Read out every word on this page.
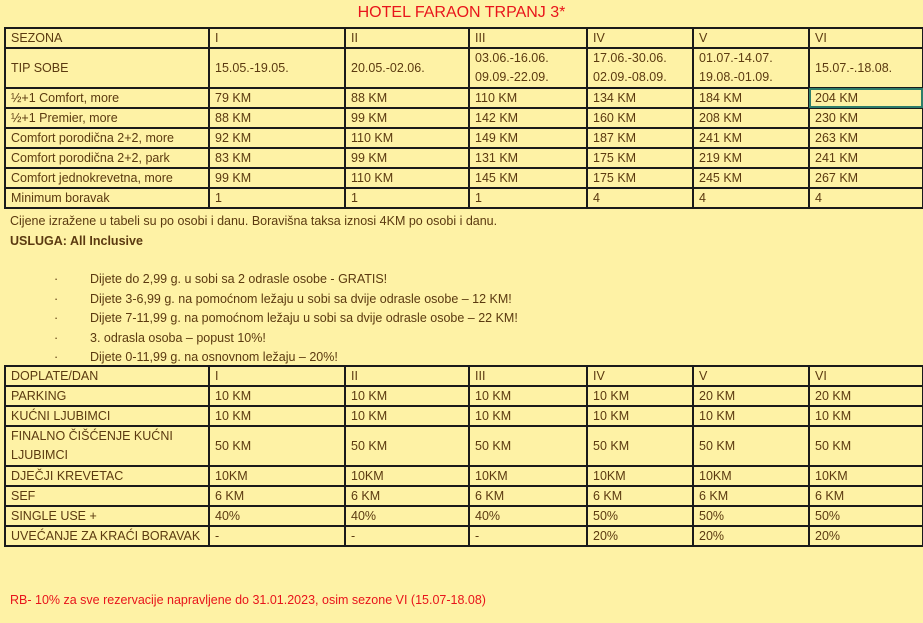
HOTEL FARAON TRPANJ 3*
SEZONA	I	II	III	IV	V	VI
TIP SOBE	15.05.-19.05.	20.05.-02.06.	03.06.-16.06. 09.09.-22.09.	17.06.-30.06. 02.09.-08.09.	01.07.-14.07. 19.08.-01.09.	15.07.-.18.08.
½+1 Comfort, more	79 KM	88 KM	110 KM	134 KM	184 KM	204 KM
½+1 Premier, more	88 KM	99 KM	142 KM	160 KM	208 KM	230 KM
Comfort porodična 2+2, more	92 KM	110 KM	149 KM	187 KM	241 KM	263 KM
Comfort porodična 2+2, park	83 KM	99 KM	131 KM	175 KM	219 KM	241 KM
Comfort jednokrevetna, more	99 KM	110 KM	145 KM	175 KM	245 KM	267 KM
Minimum boravak	1	1	1	4	4	4
Cijene izražene u tabeli su po osobi i danu. Boravišna taksa iznosi 4KM po osobi i danu.
USLUGA: All Inclusive
·	Dijete do 2,99 g. u sobi sa 2 odrasle osobe - GRATIS!
·	Dijete 3-6,99 g. na pomoćnom ležaju u sobi sa dvije odrasle osobe – 12 KM!
·	Dijete 7-11,99 g. na pomoćnom ležaju u sobi sa dvije odrasle osobe – 22 KM!
·	3. odrasla osoba – popust 10%!
·	Dijete 0-11,99 g. na osnovnom ležaju – 20%!
DOPLATE/DAN	I	II	III	IV	V	VI
PARKING	10 KM	10 KM	10 KM	10 KM	20 KM	20 KM
KUĆNI LJUBIMCI	10 KM	10 KM	10 KM	10 KM	10 KM	10 KM
FINALNO ČIŠĆENJE KUĆNI LJUBIMCI	50 KM	50 KM	50 KM	50 KM	50 KM	50 KM
DJEČJI KREVETAC	10KM	10KM	10KM	10KM	10KM	10KM
SEF	6 KM	6 KM	6 KM	6 KM	6 KM	6 KM
SINGLE USE +	40%	40%	40%	50%	50%	50%
UVEĆANJE ZA KRAĆI BORAVAK	-	-	-	20%	20%	20%
RB- 10% za sve rezervacije napravljene do 31.01.2023, osim sezone VI (15.07-18.08)
